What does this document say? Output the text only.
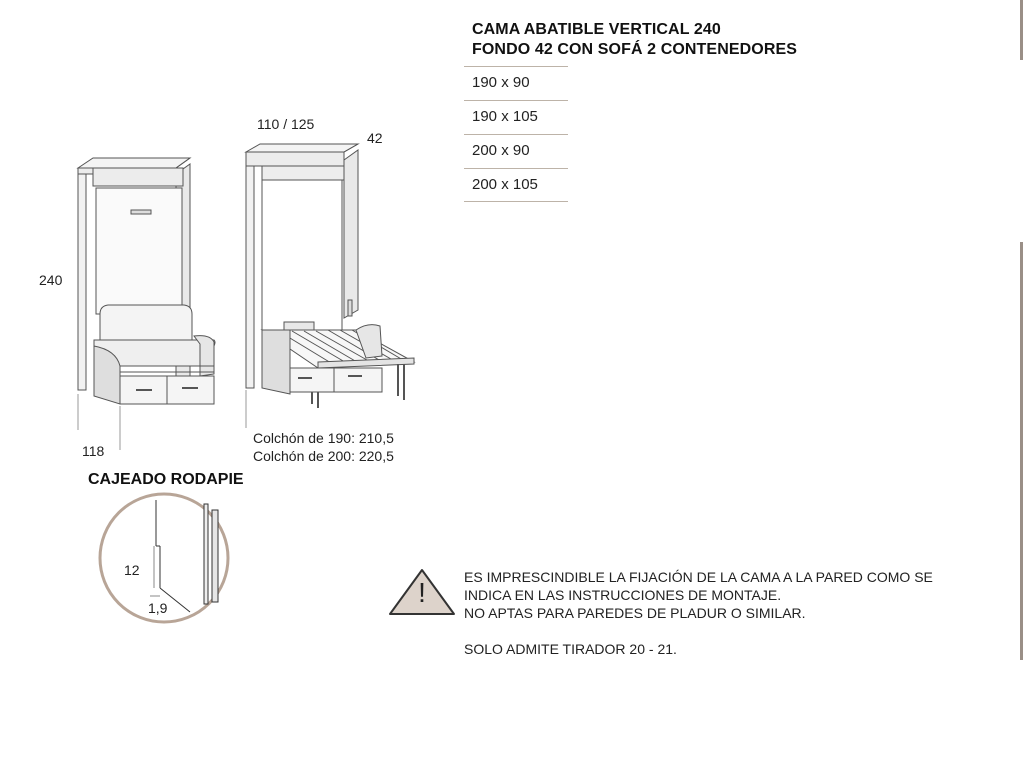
CAMA ABATIBLE VERTICAL 240
FONDO 42 CON SOFÁ 2 CONTENEDORES
190 x 90
190 x 105
200 x 90
200 x 105
!
110 / 125
42
240
118
Colchón de 190: 210,5
Colchón de 200: 220,5
CAJEADO RODAPIE
12
1,9

ES IMPRESCINDIBLE LA FIJACIÓN DE LA CAMA A LA PARED COMO SE

INDICA EN LAS INSTRUCCIONES DE MONTAJE.

NO APTAS PARA PAREDES DE PLADUR O SIMILAR.

SOLO ADMITE TIRADOR 20 - 21.
